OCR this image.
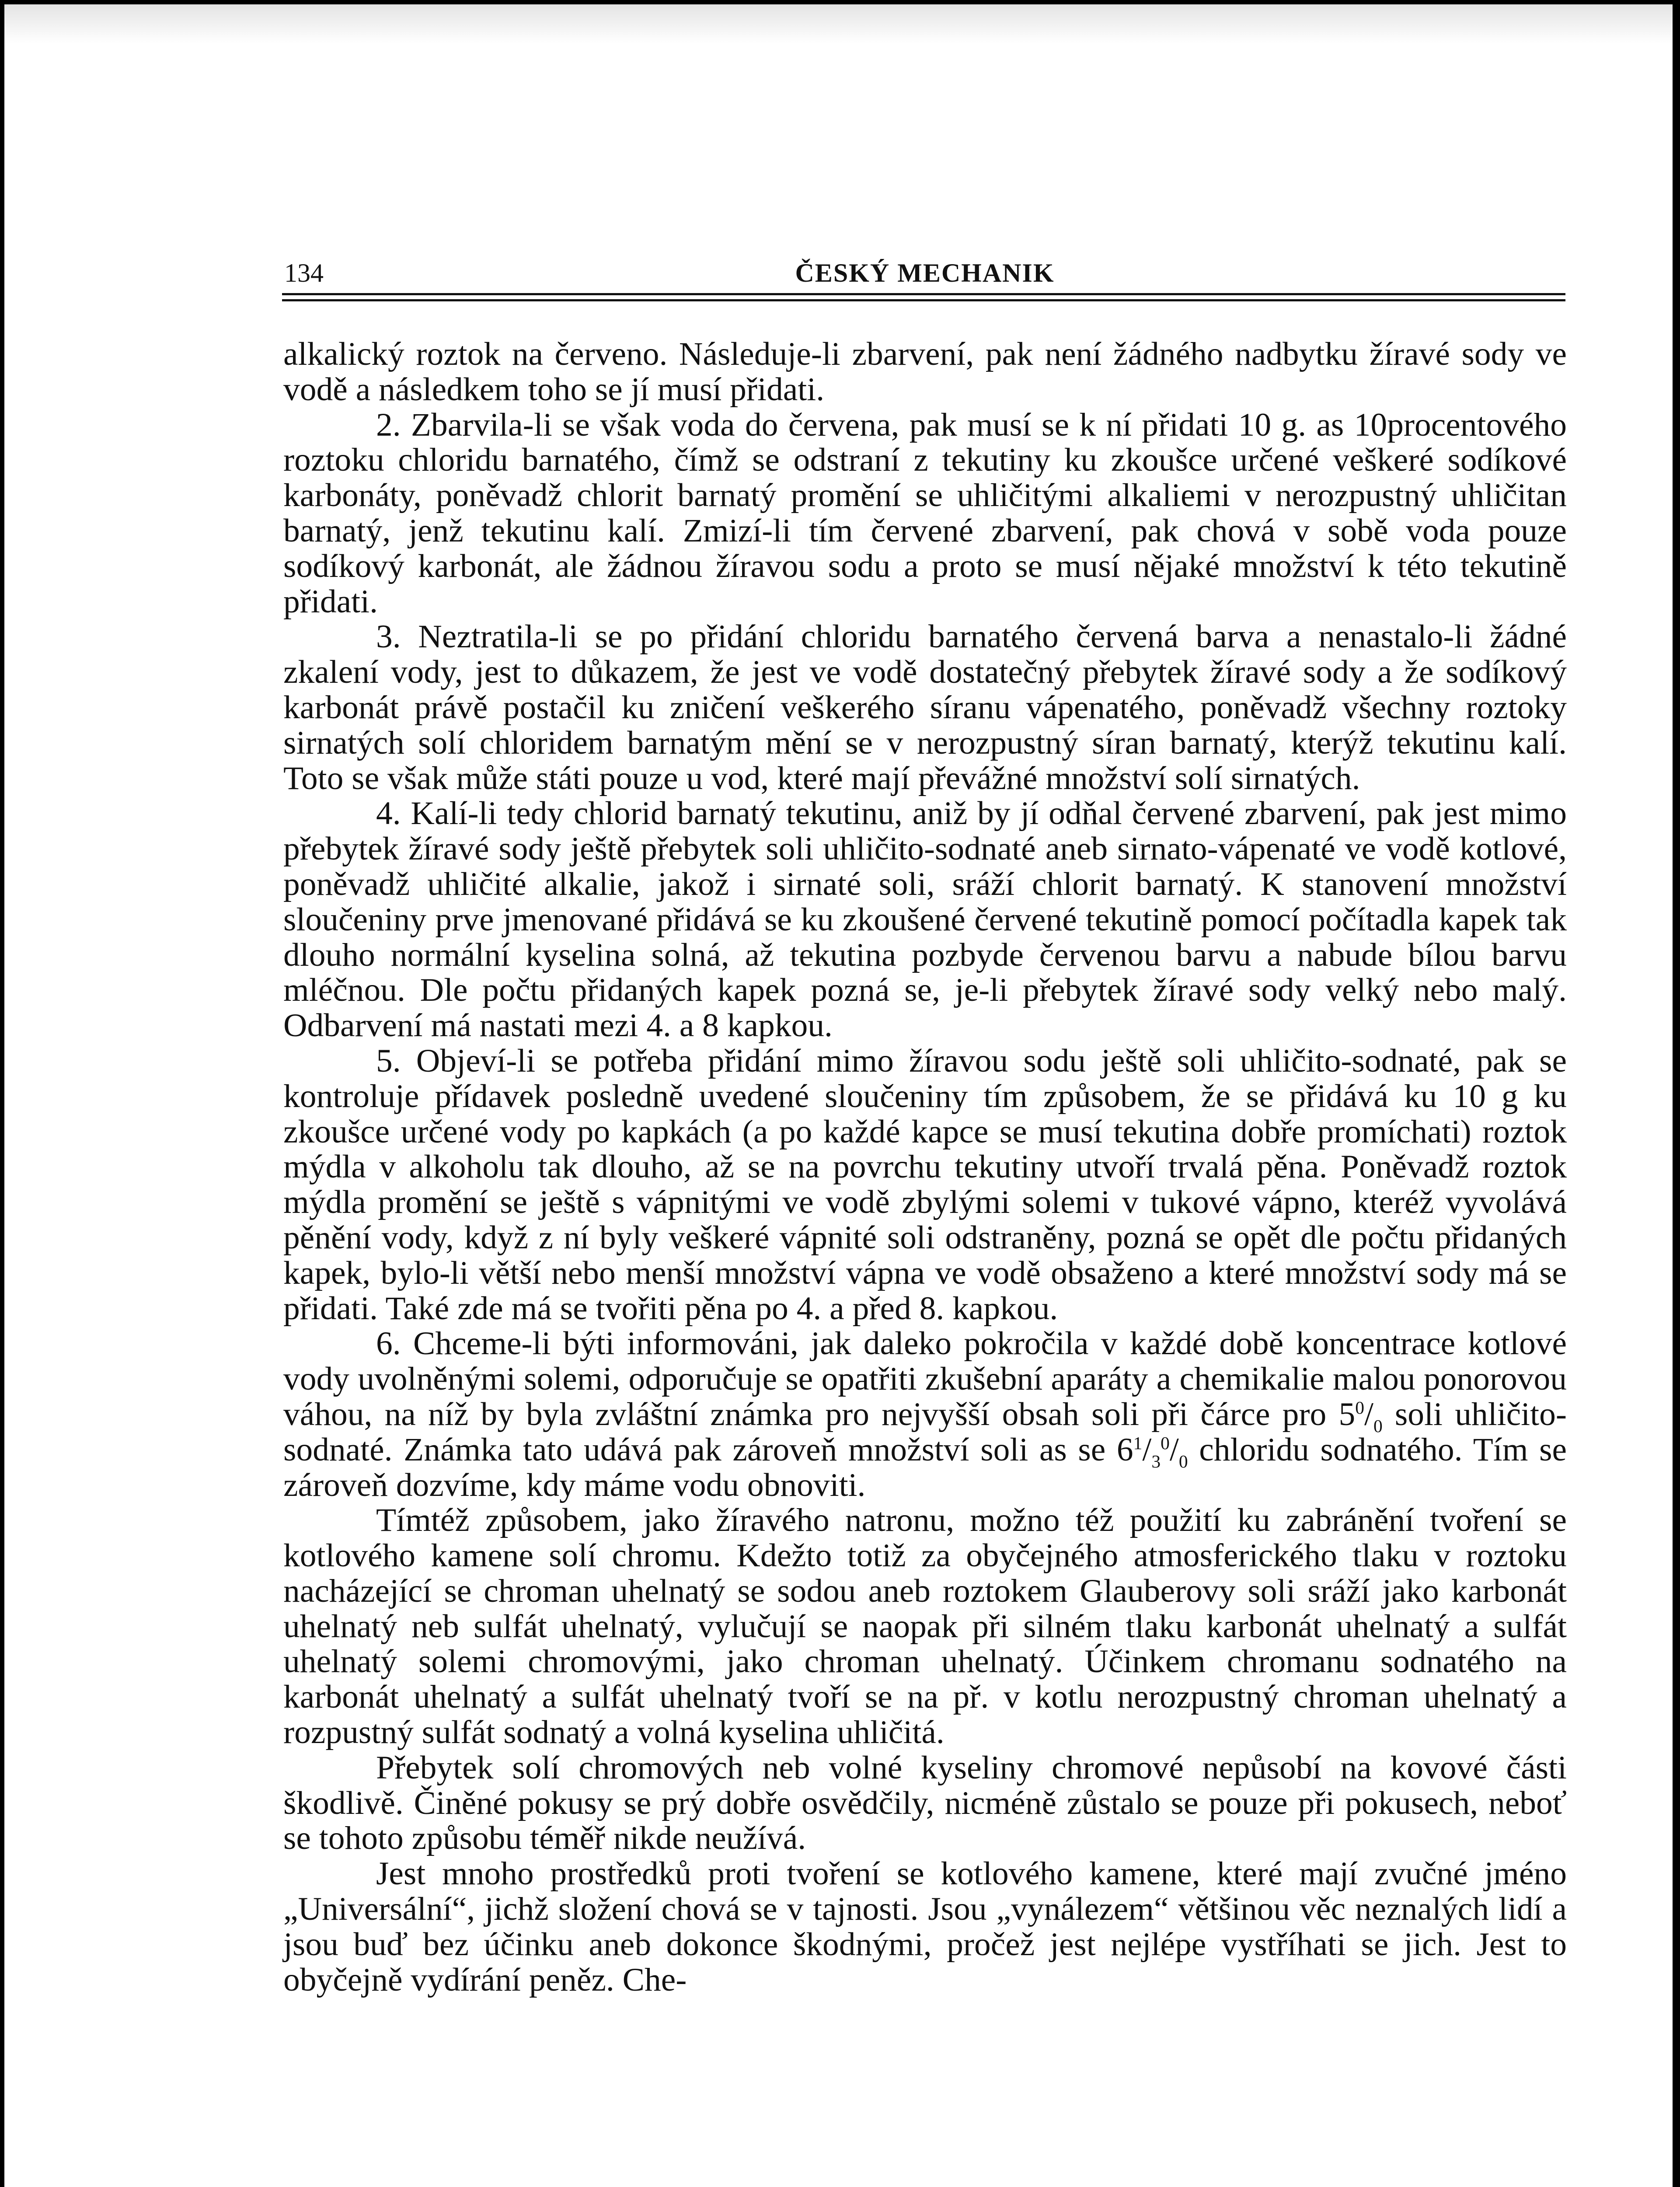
134	ČESKÝ MECHANIK

alkalický roztok na červeno. Následuje-li zbarvení, pak není žádného nadbytku žíravé sody ve vodě a následkem toho se jí musí přidati.

2. Zbarvila-li se však voda do červena, pak musí se k ní přidati 10 g. as 10procentového roztoku chloridu barnatého, čímž se odstraní z tekutiny ku zkoušce určené veškeré sodíkové karbonáty, poněvadž chlorit barnatý promění se uhličitými alkaliemi v nerozpustný uhličitan barnatý, jenž tekutinu kalí. Zmizí-li tím červené zbarvení, pak chová v sobě voda pouze sodíkový karbonát, ale žádnou žíravou sodu a proto se musí nějaké množství k této tekutině přidati.

3. Neztratila-li se po přidání chloridu barnatého červená barva a nenastalo-li žádné zkalení vody, jest to důkazem, že jest ve vodě dostatečný přebytek žíravé sody a že sodíkový karbonát právě postačil ku zničení veškerého síranu vápenatého, poněvadž všechny roztoky sirnatých solí chloridem barnatým mění se v nerozpustný síran barnatý, kterýž tekutinu kalí. Toto se však může státi pouze u vod, které mají převážné množství solí sirnatých.

4. Kalí-li tedy chlorid barnatý tekutinu, aniž by jí odňal červené zbarvení, pak jest mimo přebytek žíravé sody ještě přebytek soli uhličito-sodnaté aneb sirnato-vápenaté ve vodě kotlové, poněvadž uhličité alkalie, jakož i sirnaté soli, sráží chlorit barnatý. K stanovení množství sloučeniny prve jmenované přidává se ku zkoušené červené tekutině pomocí počítadla kapek tak dlouho normální kyselina solná, až tekutina pozbyde červenou barvu a nabude bílou barvu mléčnou. Dle počtu přidaných kapek pozná se, je-li přebytek žíravé sody velký nebo malý. Odbarvení má nastati mezi 4. a 8 kapkou.

5. Objeví-li se potřeba přidání mimo žíravou sodu ještě soli uhličito-sodnaté, pak se kontroluje přídavek posledně uvedené sloučeniny tím způsobem, že se přidává ku 10 g ku zkoušce určené vody po kapkách (a po každé kapce se musí tekutina dobře promíchati) roztok mýdla v alkoholu tak dlouho, až se na povrchu tekutiny utvoří trvalá pěna. Poněvadž roztok mýdla promění se ještě s vápnitými ve vodě zbylými solemi v tukové vápno, kteréž vyvolává pěnění vody, když z ní byly veškeré vápnité soli odstraněny, pozná se opět dle počtu přidaných kapek, bylo-li větší nebo menší množství vápna ve vodě obsaženo a které množství sody má se přidati. Také zde má se tvořiti pěna po 4. a před 8. kapkou.

6. Chceme-li býti informováni, jak daleko pokročila v každé době koncentrace kotlové vody uvolněnými solemi, odporučuje se opatřiti zkušební aparáty a chemikalie malou ponorovou váhou, na níž by byla zvláštní známka pro nejvyšší obsah soli při čárce pro $5^0/_0$ soli uhličito-sodnaté. Známka tato udává pak zároveň množství soli as se $6^1/_3^0/_0$ chloridu sodnatého. Tím se zároveň dozvíme, kdy máme vodu obnoviti.

Tímtéž způsobem, jako žíravého natronu, možno též použití ku zabránění tvoření se kotlového kamene solí chromu. Kdežto totiž za obyčejného atmosferického tlaku v roztoku nacházející se chroman uhelnatý se sodou aneb roztokem Glauberovy soli sráží jako karbonát uhelnatý neb sulfát uhelnatý, vylučují se naopak při silném tlaku karbonát uhelnatý a sulfát uhelnatý solemi chromovými, jako chroman uhelnatý. Účinkem chromanu sodnatého na karbonát uhelnatý a sulfát uhelnatý tvoří se na př. v kotlu nerozpustný chroman uhelnatý a rozpustný sulfát sodnatý a volná kyselina uhličitá.

Přebytek solí chromových neb volné kyseliny chromové nepůsobí na kovové části škodlivě. Činěné pokusy se prý dobře osvědčily, nicméně zůstalo se pouze při pokusech, neboť se tohoto způsobu téměř nikde neužívá.

Jest mnoho prostředků proti tvoření se kotlového kamene, které mají zvučné jméno „Universální“, jichž složení chová se v tajnosti. Jsou „vynálezem“ většinou věc neznalých lidí a jsou buď bez účinku aneb dokonce škodnými, pročež jest nejlépe vystříhati se jich. Jest to obyčejně vydírání peněz. Che-
